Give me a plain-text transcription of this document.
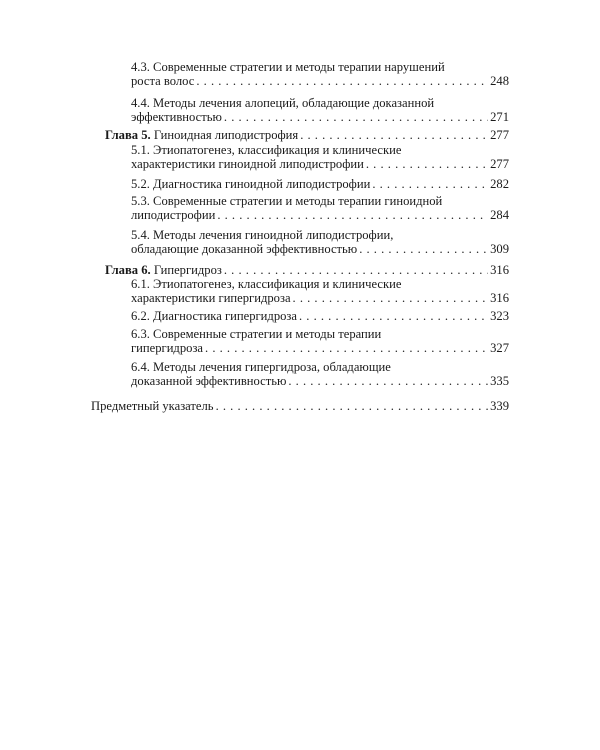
4.3. Современные стратегии и методы терапии нарушений
роста волос . . .	248
4.4. Методы лечения алопеций, обладающие доказанной
эффективностью . . .	271
Глава 5. Гиноидная липодистрофия . . .	277
5.1. Этиопатогенез, классификация и клинические
характеристики гиноидной липодистрофии . . .	277
5.2. Диагностика гиноидной липодистрофии . . .	282
5.3. Современные стратегии и методы терапии гиноидной
липодистрофии . . .	284
5.4. Методы лечения гиноидной липодистрофии,
обладающие доказанной эффективностью . . .	309
Глава 6. Гипергидроз . . .	316
6.1. Этиопатогенез, классификация и клинические
характеристики гипергидроза . . .	316
6.2. Диагностика гипергидроза . . .	323
6.3. Современные стратегии и методы терапии
гипергидроза . . .	327
6.4. Методы лечения гипергидроза, обладающие
доказанной эффективностью . . .	335
Предметный указатель . . .	339
